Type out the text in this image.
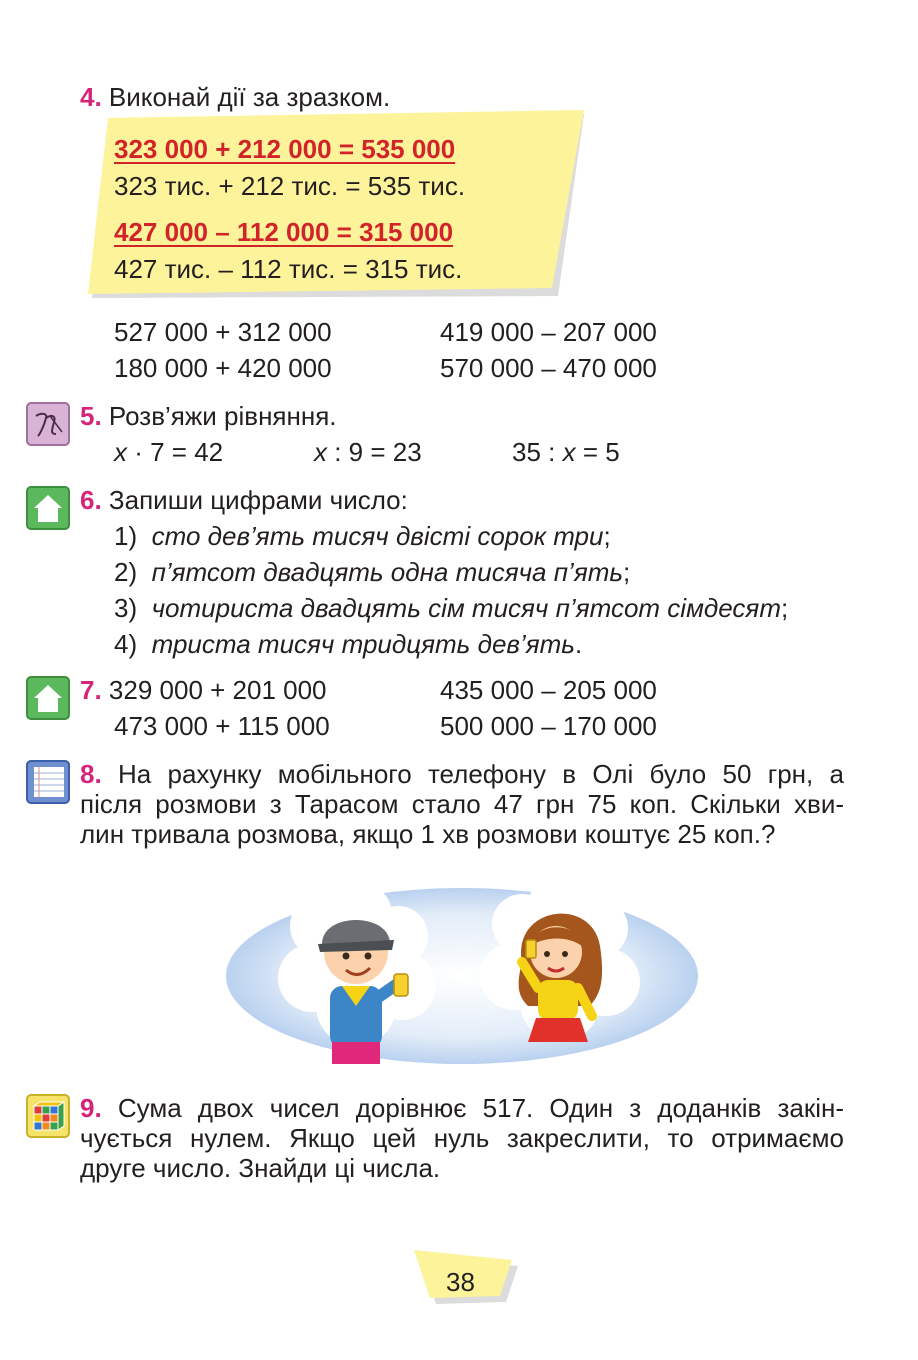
4. Виконай дії за зразком.
323 000 + 212 000 = 535 000
323 тис. + 212 тис. = 535 тис.
427 000 – 112 000 = 315 000
427 тис. – 112 тис. = 315 тис.
527 000 + 312 000	419 000 – 207 000
180 000 + 420 000	570 000 – 470 000
5. Розв’яжи рівняння.
x · 7 = 42	x : 9 = 23	35 : x = 5
6. Запиши цифрами число:
1) сто дев’ять тисяч двісті сорок три;
2) п’ятсот двадцять одна тисяча п’ять;
3) чотириста двадцять сім тисяч п’ятсот сімдесят;
4) триста тисяч тридцять дев’ять.
7. 329 000 + 201 000	435 000 – 205 000
473 000 + 115 000	500 000 – 170 000
8. На рахунку мобільного телефону в Олі було 50 грн, а
після розмови з Тарасом стало 47 грн 75 коп. Скільки хви-
лин тривала розмова, якщо 1 хв розмови коштує 25 коп.?
9. Сума двох чисел дорівнює 517. Один з доданків закін-
чується нулем. Якщо цей нуль закреслити, то отримаємо
друге число. Знайди ці числа.
38
